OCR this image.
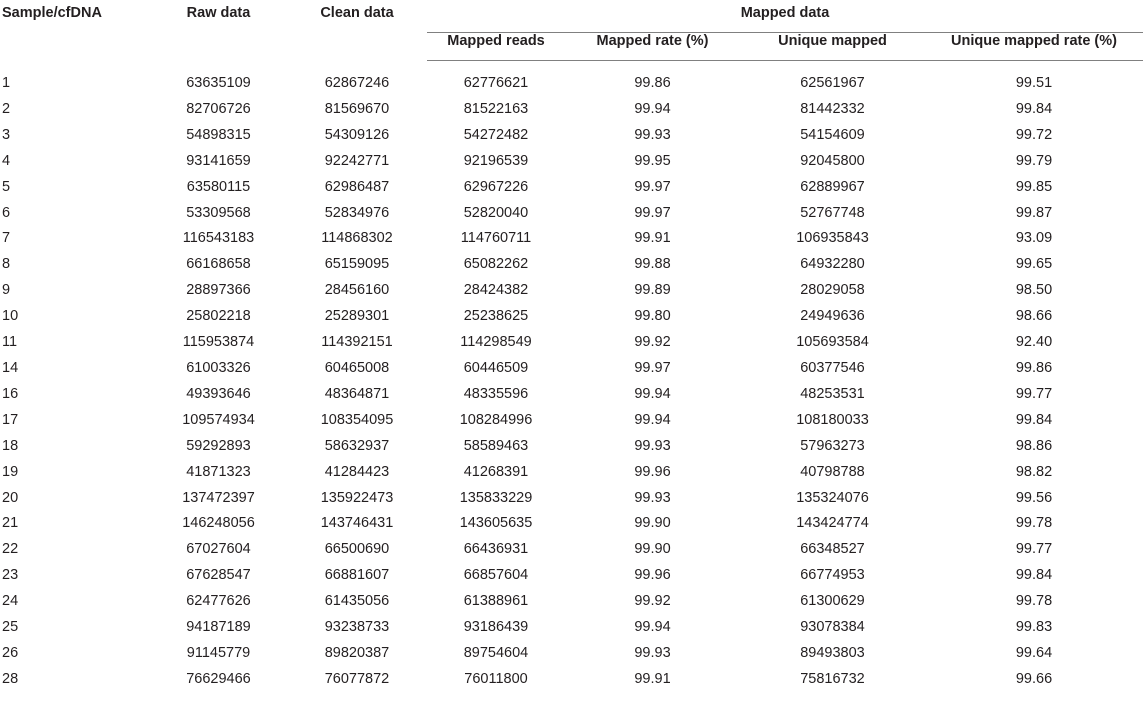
Sample/cfDNA	Raw data	Clean data	Mapped data			
			Mapped reads	Mapped rate (%)	Unique mapped	Unique mapped rate (%)

1	63635109	62867246	62776621	99.86	62561967	99.51
2	82706726	81569670	81522163	99.94	81442332	99.84
3	54898315	54309126	54272482	99.93	54154609	99.72
4	93141659	92242771	92196539	99.95	92045800	99.79
5	63580115	62986487	62967226	99.97	62889967	99.85
6	53309568	52834976	52820040	99.97	52767748	99.87
7	116543183	114868302	114760711	99.91	106935843	93.09
8	66168658	65159095	65082262	99.88	64932280	99.65
9	28897366	28456160	28424382	99.89	28029058	98.50
10	25802218	25289301	25238625	99.80	24949636	98.66
11	115953874	114392151	114298549	99.92	105693584	92.40
14	61003326	60465008	60446509	99.97	60377546	99.86
16	49393646	48364871	48335596	99.94	48253531	99.77
17	109574934	108354095	108284996	99.94	108180033	99.84
18	59292893	58632937	58589463	99.93	57963273	98.86
19	41871323	41284423	41268391	99.96	40798788	98.82
20	137472397	135922473	135833229	99.93	135324076	99.56
21	146248056	143746431	143605635	99.90	143424774	99.78
22	67027604	66500690	66436931	99.90	66348527	99.77
23	67628547	66881607	66857604	99.96	66774953	99.84
24	62477626	61435056	61388961	99.92	61300629	99.78
25	94187189	93238733	93186439	99.94	93078384	99.83
26	91145779	89820387	89754604	99.93	89493803	99.64
28	76629466	76077872	76011800	99.91	75816732	99.66
